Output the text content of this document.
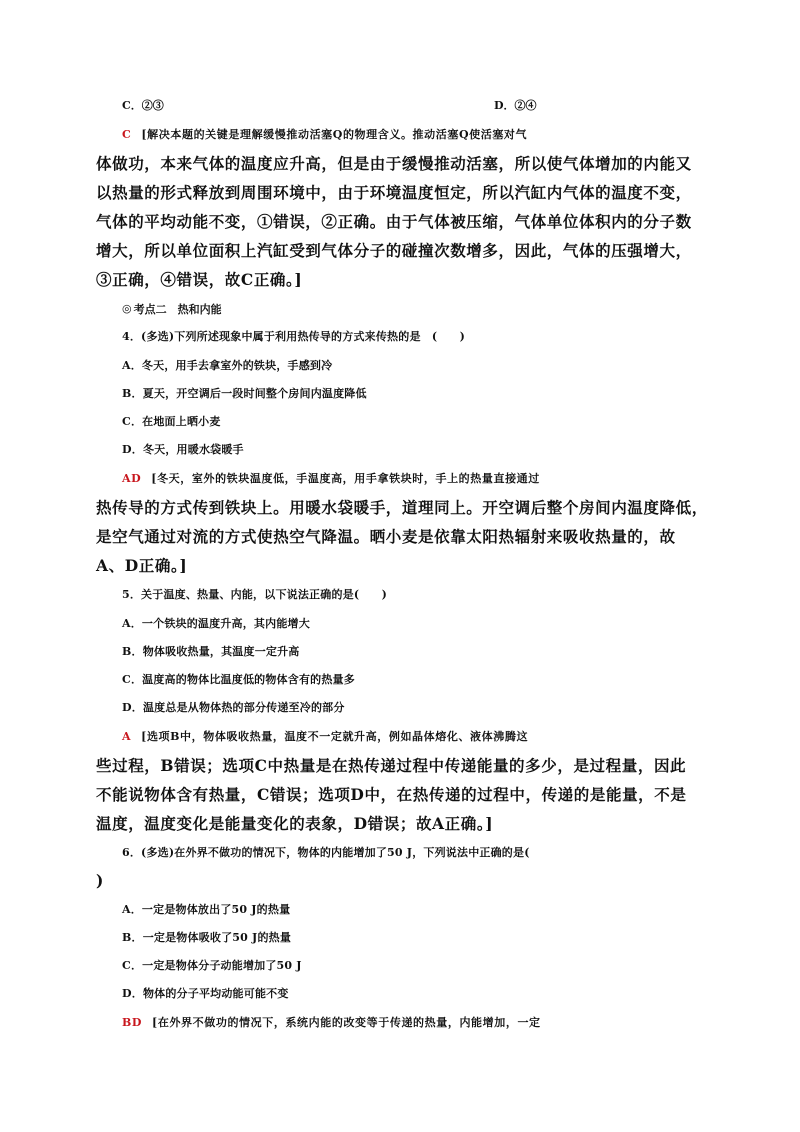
C．②③	D．②④
C [解决本题的关键是理解缓慢推动活塞Q的物理含义。推动活塞Q使活塞对气
体做功，本来气体的温度应升高，但是由于缓慢推动活塞，所以使气体增加的内能又
以热量的形式释放到周围环境中，由于环境温度恒定，所以汽缸内气体的温度不变，
气体的平均动能不变，①错误，②正确。由于气体被压缩，气体单位体积内的分子数
增大，所以单位面积上汽缸受到气体分子的碰撞次数增多，因此，气体的压强增大，
③正确，④错误，故C正确。]
◎ 考点二　热和内能
4．(多选)下列所述现象中属于利用热传导的方式来传热的是　(　　)
A．冬天，用手去拿室外的铁块，手感到冷
B．夏天，开空调后一段时间整个房间内温度降低
C．在地面上晒小麦
D．冬天，用暖水袋暖手
AD [冬天，室外的铁块温度低，手温度高，用手拿铁块时，手上的热量直接通过
热传导的方式传到铁块上。用暖水袋暖手，道理同上。开空调后整个房间内温度降低，
是空气通过对流的方式使热空气降温。晒小麦是依靠太阳热辐射来吸收热量的，故
A、D正确。]
5．关于温度、热量、内能，以下说法正确的是(　　)
A．一个铁块的温度升高，其内能增大
B．物体吸收热量，其温度一定升高
C．温度高的物体比温度低的物体含有的热量多
D．温度总是从物体热的部分传递至冷的部分
A [选项B中，物体吸收热量，温度不一定就升高，例如晶体熔化、液体沸腾这
些过程，B错误；选项C中热量是在热传递过程中传递能量的多少，是过程量，因此
不能说物体含有热量，C错误；选项D中，在热传递的过程中，传递的是能量，不是
温度，温度变化是能量变化的表象，D错误；故A正确。]
6．(多选)在外界不做功的情况下，物体的内能增加了50 J，下列说法中正确的是(
)
A．一定是物体放出了50 J的热量
B．一定是物体吸收了50 J的热量
C．一定是物体分子动能增加了50 J
D．物体的分子平均动能可能不变
BD [在外界不做功的情况下，系统内能的改变等于传递的热量，内能增加，一定
